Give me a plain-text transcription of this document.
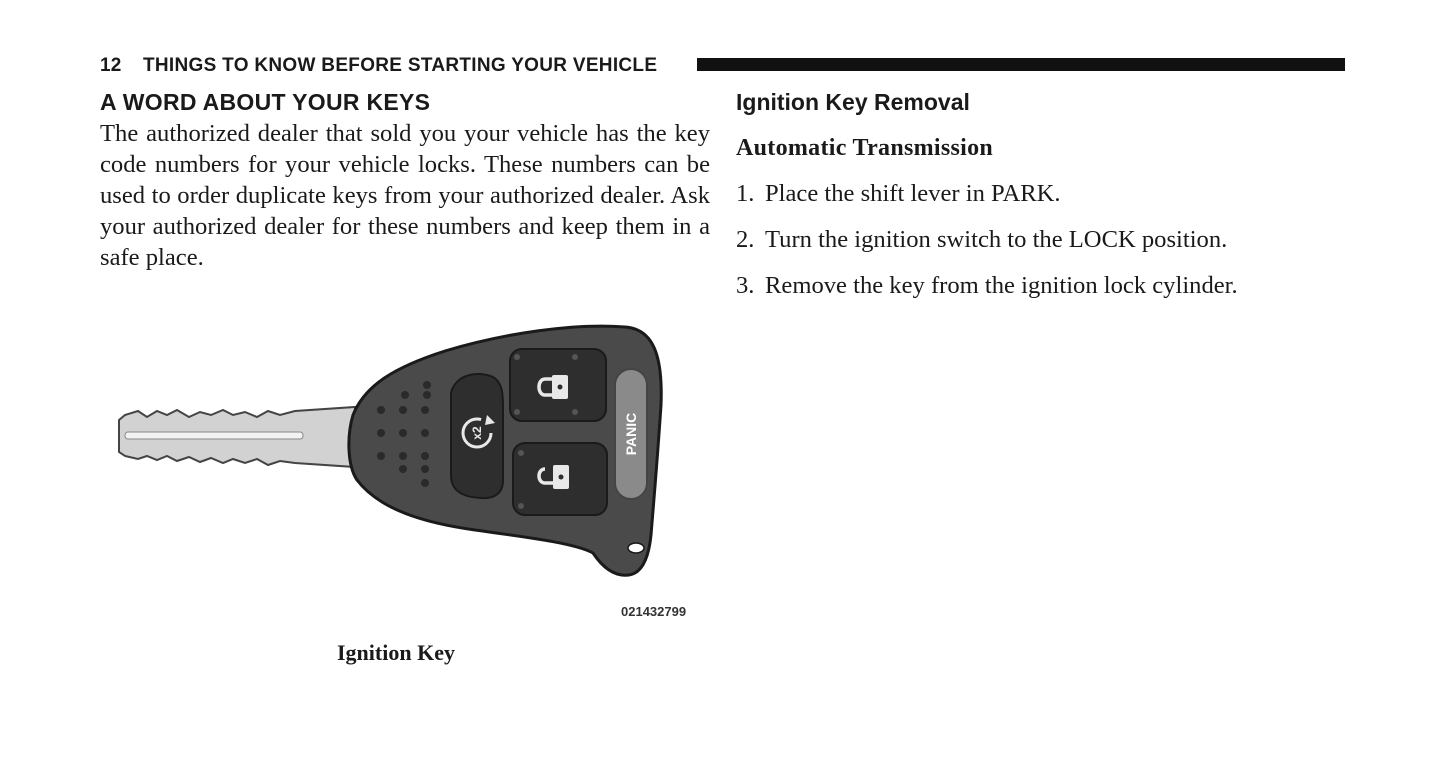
12 THINGS TO KNOW BEFORE STARTING YOUR VEHICLE
A WORD ABOUT YOUR KEYS

The authorized dealer that sold you your vehicle has the key code numbers for your vehicle locks. These numbers can be used to order duplicate keys from your authorized dealer. Ask your authorized dealer for these numbers and keep them in a safe place.

x2	PANIC
021432799
Ignition Key
Ignition Key Removal
Automatic Transmission
1. Place the shift lever in PARK.
2. Turn the ignition switch to the LOCK position.
3. Remove the key from the ignition lock cylinder.
